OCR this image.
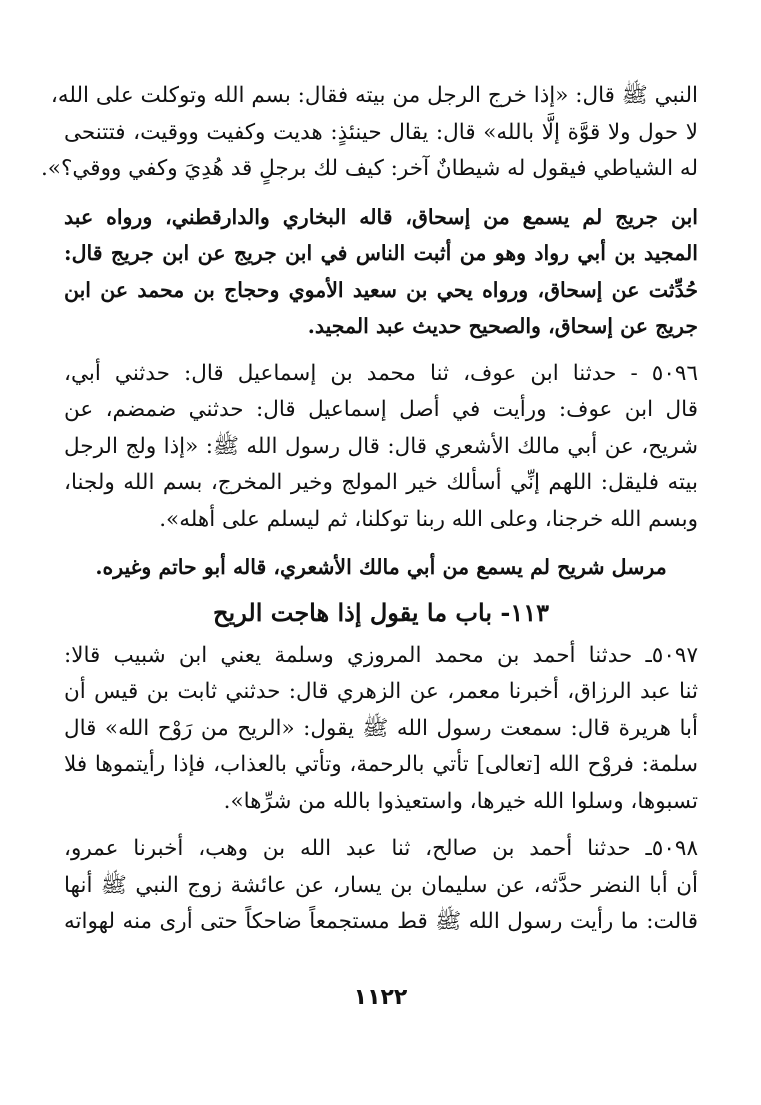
النبي ﷺ قال: «إذا خرج الرجل من بيته فقال: بسم الله وتوكلت على الله،
لا حول ولا قوَّة إلَّا بالله» قال: يقال حينئذٍ: هديت وكفيت ووقيت، فتتنحى
له الشياطي فيقول له شيطانٌ آخر: كيف لك برجلٍ قد هُدِيَ وكفي ووقي؟».

ابن جريج لم يسمع من إسحاق، قاله البخاري والدارقطني، ورواه عبد
المجيد بن أبي رواد وهو من أثبت الناس في ابن جريج عن ابن جريج قال:
حُدِّثت عن إسحاق، ورواه يحي بن سعيد الأموي وحجاج بن محمد عن ابن
جريج عن إسحاق، والصحيح حديث عبد المجيد.

٥٠٩٦ - حدثنا ابن عوف، ثنا محمد بن إسماعيل قال: حدثني أبي،
قال ابن عوف: ورأيت في أصل إسماعيل قال: حدثني ضمضم، عن
شريح، عن أبي مالك الأشعري قال: قال رسول الله ﷺ: «إذا ولج الرجل
بيته فليقل: اللهم إنِّي أسألك خير المولج وخير المخرج، بسم الله ولجنا،
وبسم الله خرجنا، وعلى الله ربنا توكلنا، ثم ليسلم على أهله».

مرسل شريح لم يسمع من أبي مالك الأشعري، قاله أبو حاتم وغيره.

١١٣- باب ما يقول إذا هاجت الريح

٥٠٩٧ـ حدثنا أحمد بن محمد المروزي وسلمة يعني ابن شبيب قالا:
ثنا عبد الرزاق، أخبرنا معمر، عن الزهري قال: حدثني ثابت بن قيس أن
أبا هريرة قال: سمعت رسول الله ﷺ يقول: «الريح من رَوْح الله» قال
سلمة: فروْح الله [تعالى] تأتي بالرحمة، وتأتي بالعذاب، فإذا رأيتموها فلا
تسبوها، وسلوا الله خيرها، واستعيذوا بالله من شرِّها».

٥٠٩٨ـ حدثنا أحمد بن صالح، ثنا عبد الله بن وهب، أخبرنا عمرو،
أن أبا النضر حدَّثه، عن سليمان بن يسار، عن عائشة زوج النبي ﷺ أنها
قالت: ما رأيت رسول الله ﷺ قط مستجمعاً ضاحكاً حتى أرى منه لهواته

١١٢٢
